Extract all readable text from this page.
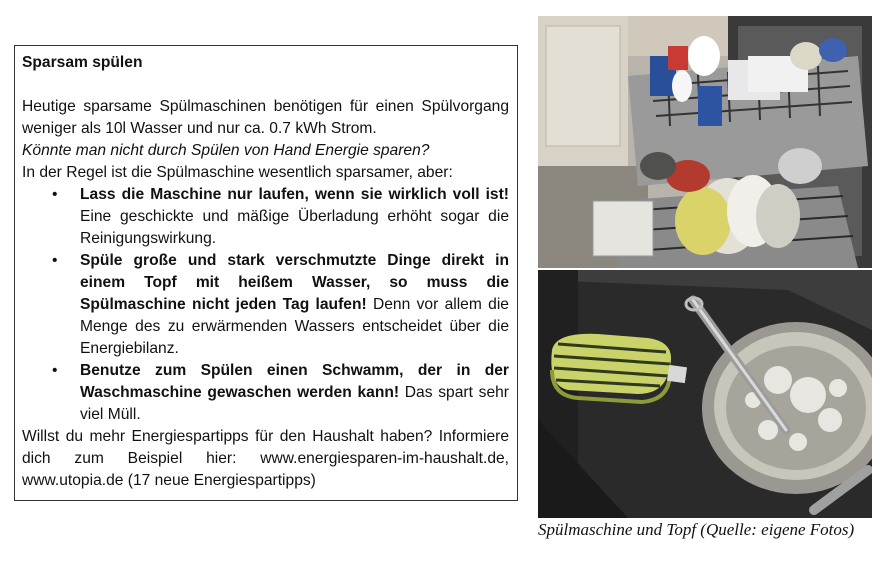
Sparsam spülen

Heutige sparsame Spülmaschinen benötigen für einen Spülvorgang weniger als 10l Wasser und nur ca. 0.7 kWh Strom.

Könnte man nicht durch Spülen von Hand Energie sparen?

In der Regel ist die Spülmaschine wesentlich sparsamer, aber:

• Lass die Maschine nur laufen, wenn sie wirklich voll ist! Eine geschickte und mäßige Überladung erhöht sogar die Reinigungswirkung.
• Spüle große und stark verschmutzte Dinge direkt in einem Topf mit heißem Wasser, so muss die Spülmaschine nicht jeden Tag laufen! Denn vor allem die Menge des zu erwärmenden Wassers entscheidet über die Energiebilanz.
• Benutze zum Spülen einen Schwamm, der in der Waschmaschine gewaschen werden kann! Das spart sehr viel Müll.

Willst du mehr Energiespartipps für den Haushalt haben? Informiere dich zum Beispiel hier: www.energiesparen-im-haushalt.de, www.utopia.de (17 neue Energiespartipps)

Spülmaschine und Topf (Quelle: eigene Fotos)
